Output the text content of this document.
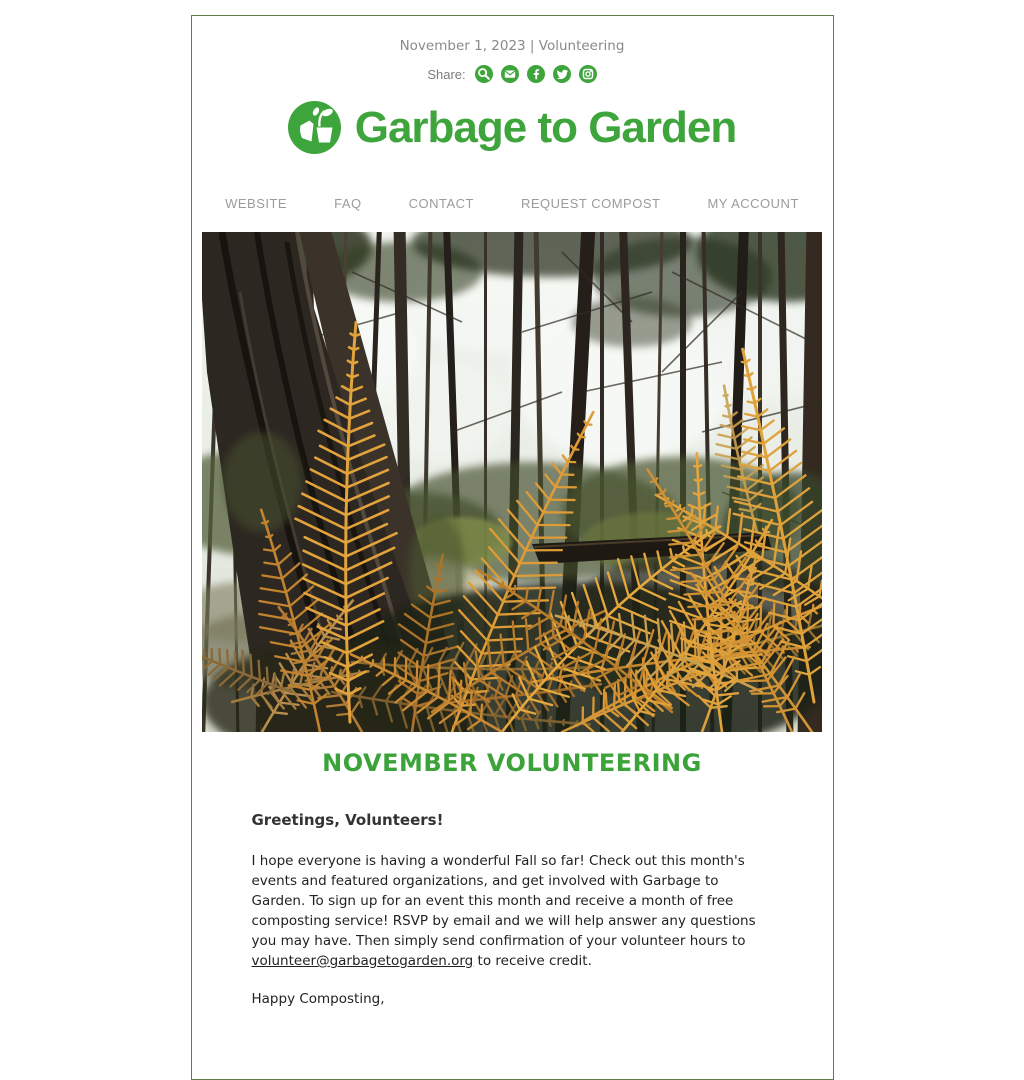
November 1, 2023 | Volunteering
Share:
Garbage to Garden
WEBSITE	FAQ	CONTACT	REQUEST COMPOST	MY ACCOUNT
NOVEMBER VOLUNTEERING
Greetings, Volunteers!

I hope everyone is having a wonderful Fall so far! Check out this month's events and featured organizations, and get involved with Garbage to Garden. To sign up for an event this month and receive a month of free composting service! RSVP by email and we will help answer any questions you may have. Then simply send confirmation of your volunteer hours to volunteer@garbagetogarden.org to receive credit.

Happy Composting,
